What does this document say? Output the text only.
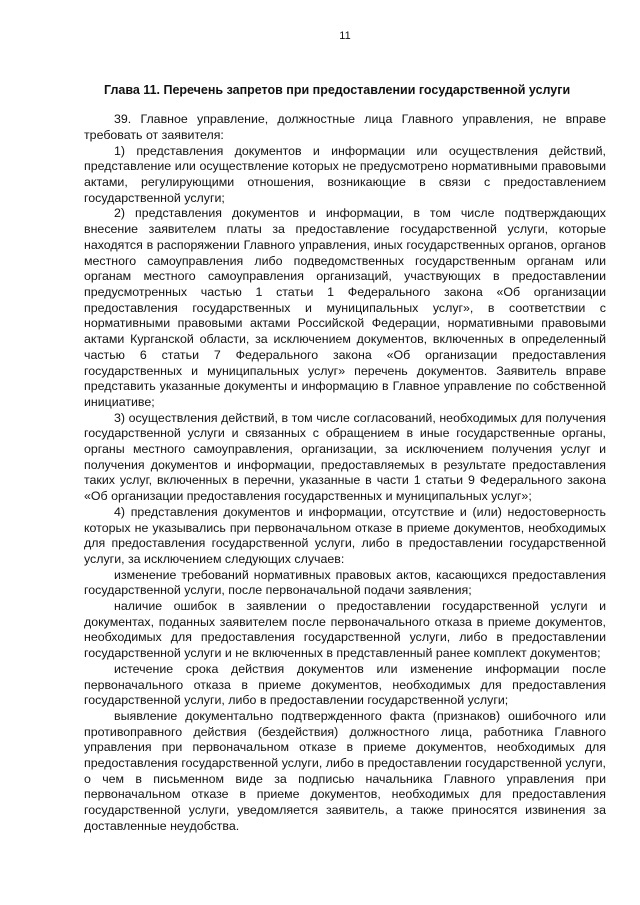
11
Глава 11. Перечень запретов при предоставлении государственной услуги

39. Главное управление, должностные лица Главного управления, не вправе требовать от заявителя:

1) представления документов и информации или осуществления действий, представление или осуществление которых не предусмотрено нормативными правовыми актами, регулирующими отношения, возникающие в связи с предоставлением государственной услуги;

2) представления документов и информации, в том числе подтверждающих внесение заявителем платы за предоставление государственной услуги, которые находятся в распоряжении Главного управления, иных государственных органов, органов местного самоуправления либо подведомственных государственным органам или органам местного самоуправления организаций, участвующих в предоставлении предусмотренных частью 1 статьи 1 Федерального закона «Об организации предоставления государственных и муниципальных услуг», в соответствии с нормативными правовыми актами Российской Федерации, нормативными правовыми актами Курганской области, за исключением документов, включенных в определенный частью 6 статьи 7 Федерального закона «Об организации предоставления государственных и муниципальных услуг» перечень документов. Заявитель вправе представить указанные документы и информацию в Главное управление по собственной инициативе;

3) осуществления действий, в том числе согласований, необходимых для получения государственной услуги и связанных с обращением в иные государственные органы, органы местного самоуправления, организации, за исключением получения услуг и получения документов и информации, предоставляемых в результате предоставления таких услуг, включенных в перечни, указанные в части 1 статьи 9 Федерального закона «Об организации предоставления государственных и муниципальных услуг»;

4) представления документов и информации, отсутствие и (или) недостоверность которых не указывались при первоначальном отказе в приеме документов, необходимых для предоставления государственной услуги, либо в предоставлении государственной услуги, за исключением следующих случаев:

изменение требований нормативных правовых актов, касающихся предоставления государственной услуги, после первоначальной подачи заявления;

наличие ошибок в заявлении о предоставлении государственной услуги и документах, поданных заявителем после первоначального отказа в приеме документов, необходимых для предоставления государственной услуги, либо в предоставлении государственной услуги и не включенных в представленный ранее комплект документов;

истечение срока действия документов или изменение информации после первоначального отказа в приеме документов, необходимых для предоставления государственной услуги, либо в предоставлении государственной услуги;

выявление документально подтвержденного факта (признаков) ошибочного или противоправного действия (бездействия) должностного лица, работника Главного управления при первоначальном отказе в приеме документов, необходимых для предоставления государственной услуги, либо в предоставлении государственной услуги, о чем в письменном виде за подписью начальника Главного управления при первоначальном отказе в приеме документов, необходимых для предоставления государственной услуги, уведомляется заявитель, а также приносятся извинения за доставленные неудобства.
